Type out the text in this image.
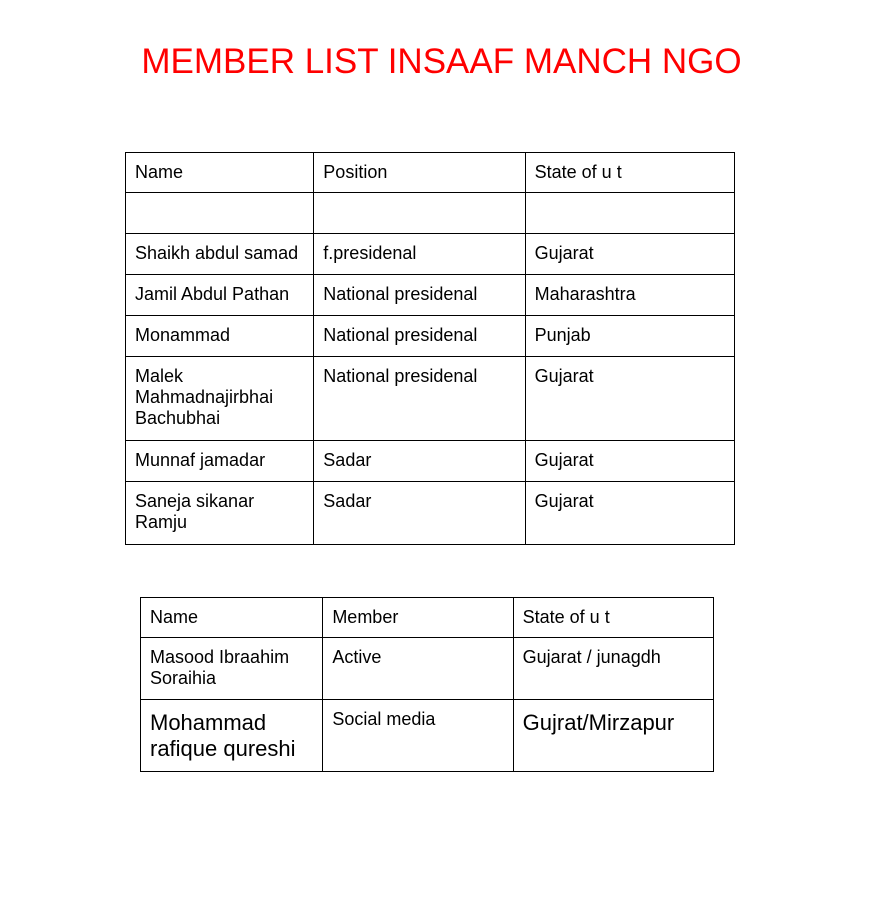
MEMBER LIST INSAAF MANCH NGO
Name	Position	State of u t

Shaikh abdul samad	f.presidenal	Gujarat
Jamil Abdul Pathan	National presidenal	Maharashtra
Monammad	National presidenal	Punjab
Malek Mahmadnajirbhai Bachubhai	National presidenal	Gujarat
Munnaf jamadar	Sadar	Gujarat
Saneja sikanar Ramju	Sadar	Gujarat
Name	Member	State of u t
Masood Ibraahim Soraihia	Active	Gujarat / junagdh
Mohammad rafique qureshi	Social media	Gujrat/Mirzapur
